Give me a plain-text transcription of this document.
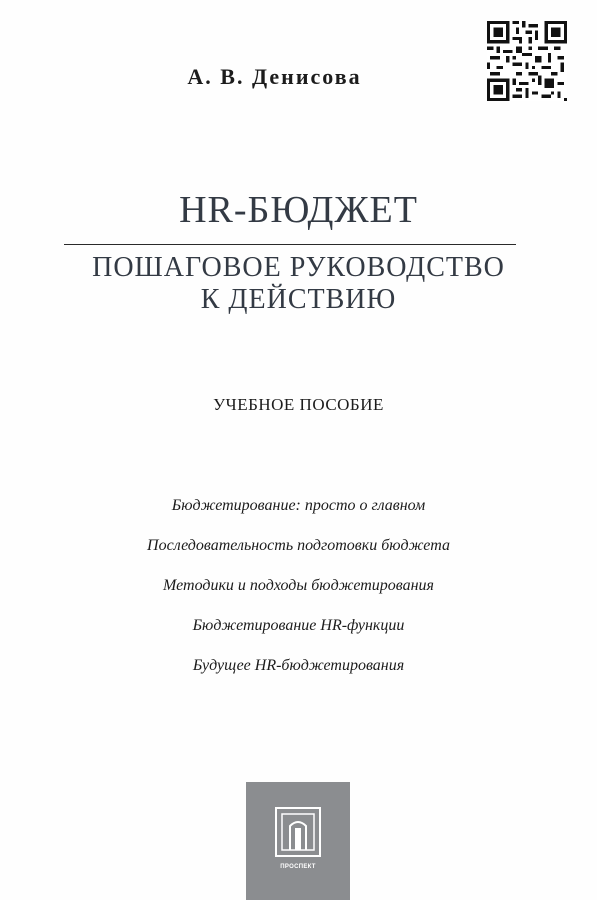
А. В. Денисова
HR-БЮДЖЕТ
ПОШАГОВОЕ РУКОВОДСТВО
К ДЕЙСТВИЮ
УЧЕБНОЕ ПОСОБИЕ
Бюджетирование: просто о главном
Последовательность подготовки бюджета
Методики и подходы бюджетирования
Бюджетирование HR-функции
Будущее HR-бюджетирования
ПРОСПЕКТ
